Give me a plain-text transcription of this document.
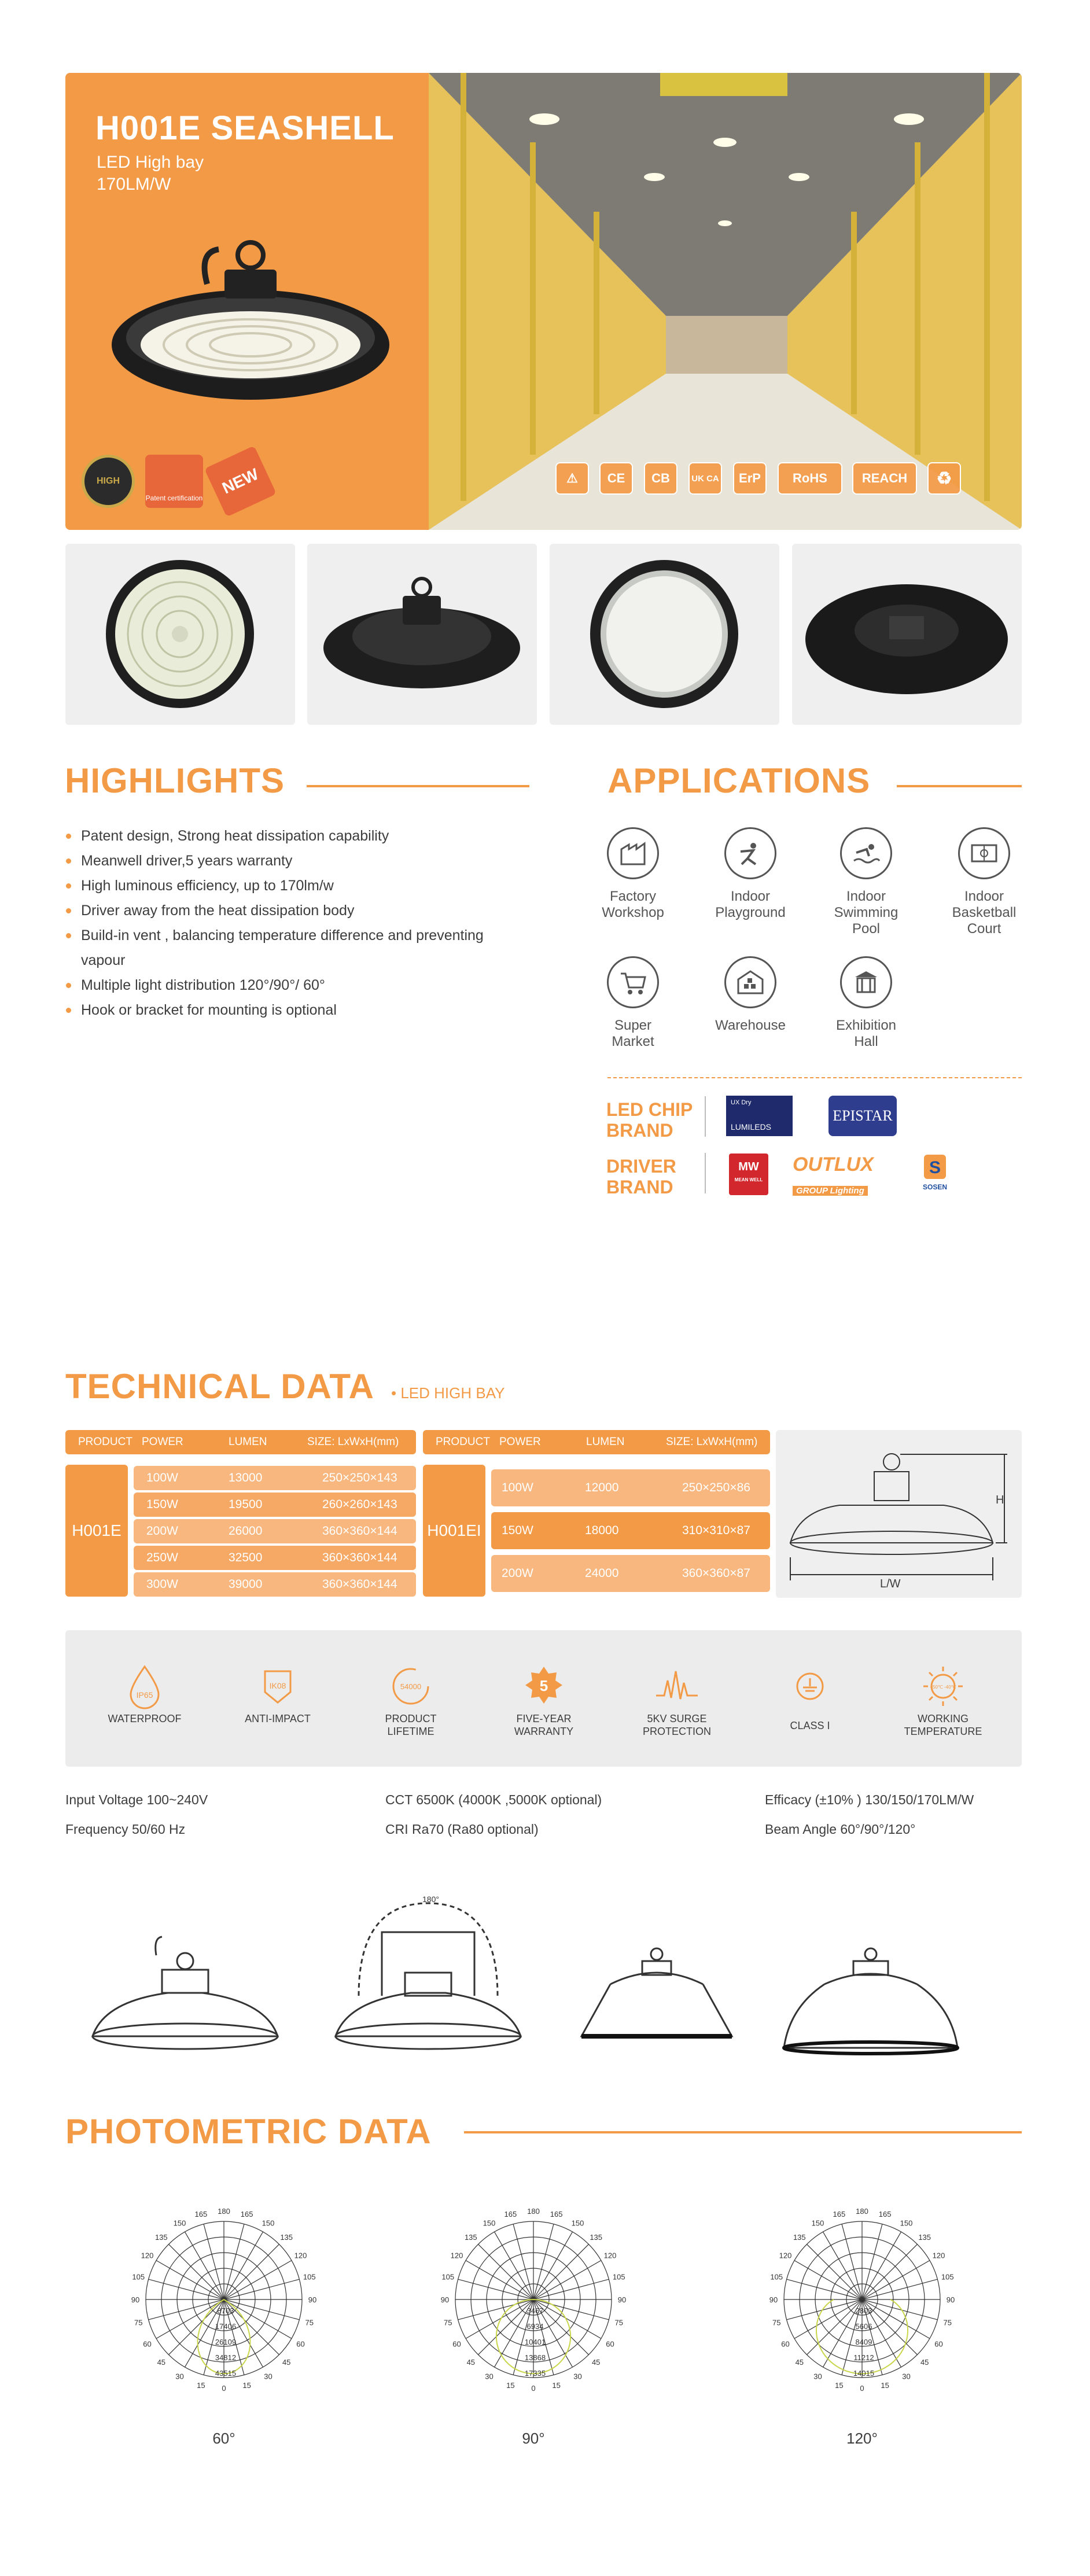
H001E SEASHELL
LED High bay
170LM/W
HIGH
Patent certification
NEW	⚠	CE	CB	UK CA	ErP	RoHS	REACH	♻
HIGHLIGHTS
Patent design, Strong heat dissipation capability
Meanwell driver,5 years warranty
High luminous efficiency, up to 170lm/w
Driver away from the heat dissipation body
Build-in vent , balancing temperature difference and preventing
vapour
Multiple light distribution 120°/90°/ 60°
Hook or bracket for mounting is optional
APPLICATIONS
Factory
Workshop
Indoor
Playground
Indoor
Swimming
Pool
Indoor
Basketball
Court
Super
Market
Warehouse	Exhibition
Hall
LED CHIP
BRAND
UX Dry
LUMILEDS
EPISTAR
DRIVER
BRAND
MW
MEAN WELL
OUTLUX
GROUP Lighting
S
SOSEN
TECHNICAL DATA • LED HIGH BAY
PRODUCT POWER	LUMEN	SIZE: LxWxH(mm)
H001E
100W	13000	250×250×143
150W	19500	260×260×143
200W	26000	360×360×144
250W	32500	360×360×144
300W	39000	360×360×144
PRODUCT POWER	LUMEN	SIZE: LxWxH(mm)
H001EI
100W	12000	250×250×86
150W	18000	310×310×87
200W	24000	360×360×87
H
L/W
IP65
WATERPROOF
IK08
ANTI-IMPACT
54000
PRODUCT
LIFETIME
5
FIVE-YEAR
WARRANTY
5KV SURGE
PROTECTION	CLASS I
+50℃ -40℃
WORKING
TEMPERATURE
Input Voltage 100~240V
Frequency 50/60 Hz
CCT 6500K (4000K ,5000K optional)
CRI Ra70 (Ra80 optional)
Efficacy (±10% ) 130/150/170LM/W
Beam Angle 60°/90°/120°
180°
PHOTOMETRIC DATA
180 165
165
150
150
135
135
120
120
105
105
90
90
75
75
60
60
45
45
30
30
15
15 0
8703
17406
26109
34812
43515
180 165
165
150
150
135
135
120
120
105
105
90
90
75
75
60
60
45
45
30
30
15
15 0
3467
6934
10401
13868
17335
180 165
165
150
150
135
135
120
120
105
105
90
90
75
75
60
60
45
45
30
30
15
15 0
2803
5606
8409
11212
14015
60°	90°	120°
